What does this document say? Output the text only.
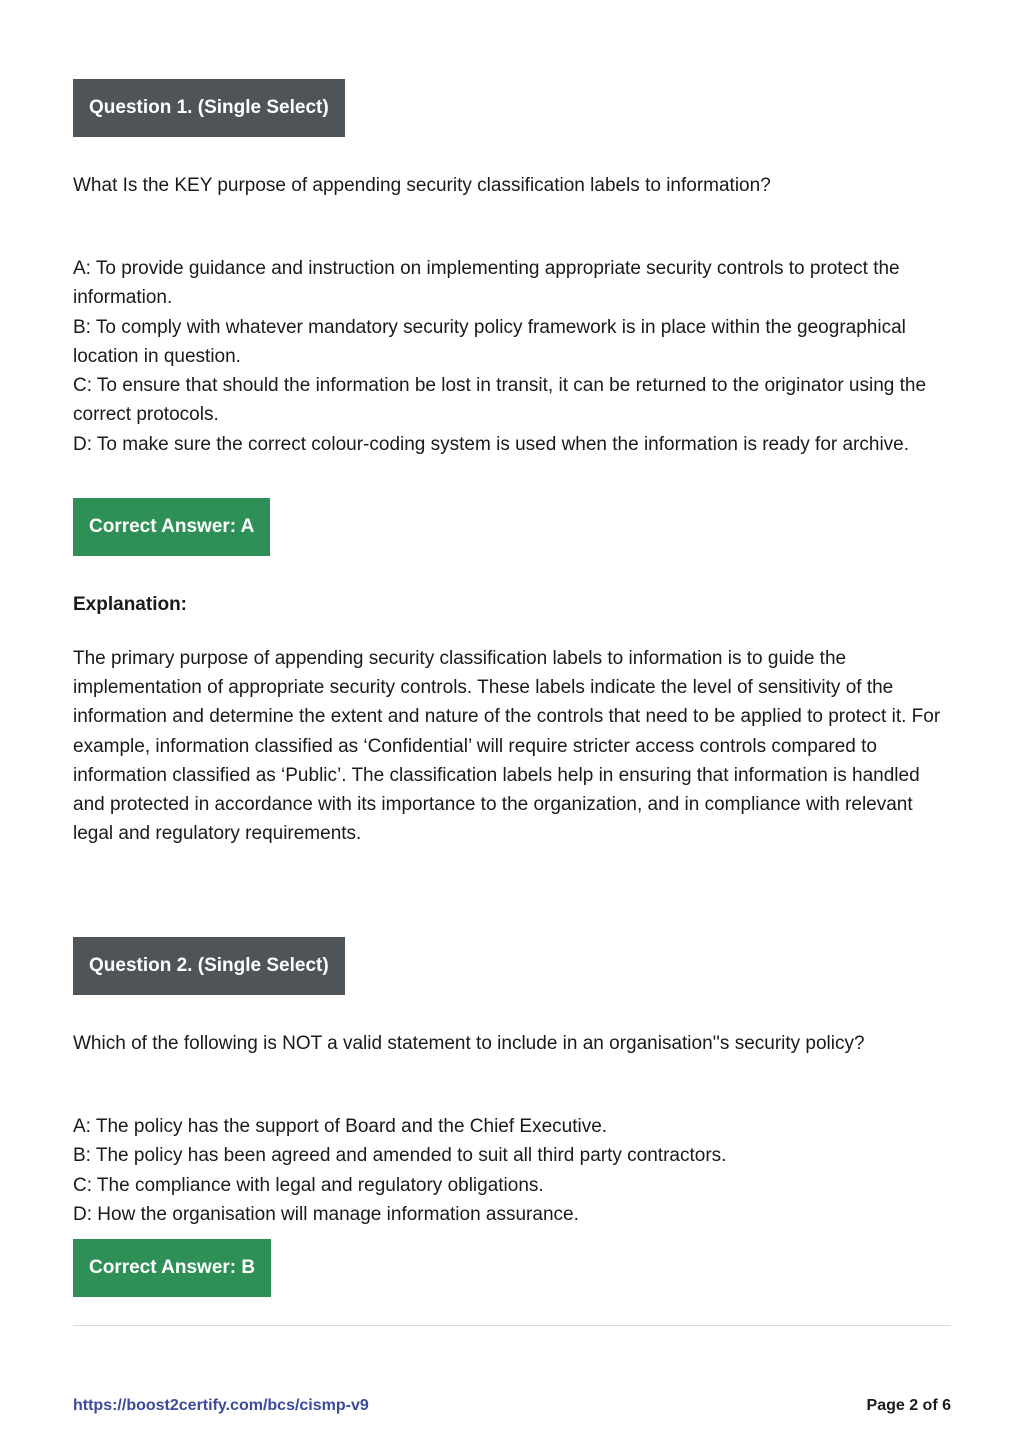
Question 1. (Single Select)
What Is the KEY purpose of appending security classification labels to information?
A: To provide guidance and instruction on implementing appropriate security controls to protect the information.
B: To comply with whatever mandatory security policy framework is in place within the geographical location in question.
C: To ensure that should the information be lost in transit, it can be returned to the originator using the correct protocols.
D: To make sure the correct colour-coding system is used when the information is ready for archive.
Correct Answer: A
Explanation:
The primary purpose of appending security classification labels to information is to guide the implementation of appropriate security controls. These labels indicate the level of sensitivity of the information and determine the extent and nature of the controls that need to be applied to protect it. For example, information classified as ‘Confidential’ will require stricter access controls compared to information classified as ‘Public’. The classification labels help in ensuring that information is handled and protected in accordance with its importance to the organization, and in compliance with relevant legal and regulatory requirements.
Question 2. (Single Select)
Which of the following is NOT a valid statement to include in an organisation''s security policy?
A: The policy has the support of Board and the Chief Executive.
B: The policy has been agreed and amended to suit all third party contractors.
C: The compliance with legal and regulatory obligations.
D: How the organisation will manage information assurance.
Correct Answer: B
https://boost2certify.com/bcs/cismp-v9	Page 2 of 6
